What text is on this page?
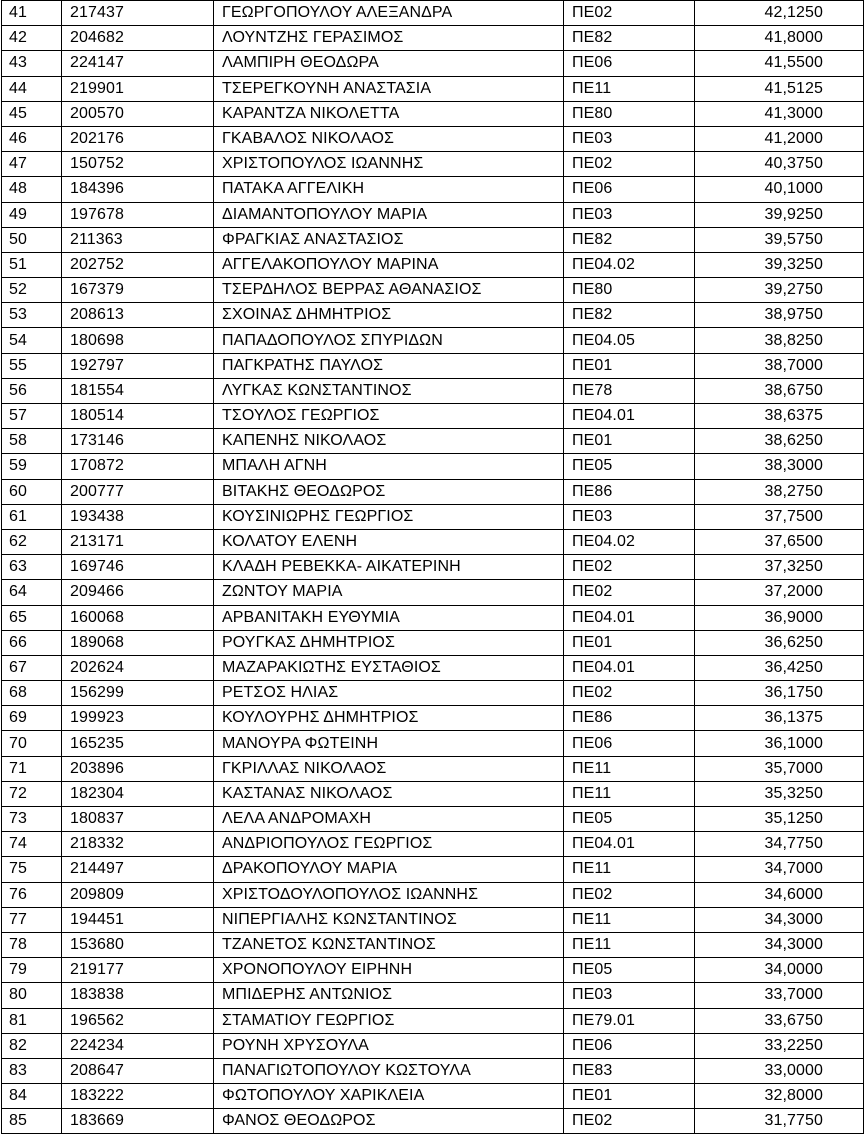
41	217437	ΓΕΩΡΓΟΠΟΥΛΟΥ ΑΛΕΞΑΝΔΡΑ	ΠΕ02	42,1250
42	204682	ΛΟΥΝΤΖΗΣ ΓΕΡΑΣΙΜΟΣ	ΠΕ82	41,8000
43	224147	ΛΑΜΠΙΡΗ ΘΕΟΔΩΡΑ	ΠΕ06	41,5500
44	219901	ΤΣΕΡΕΓΚΟΥΝΗ ΑΝΑΣΤΑΣΙΑ	ΠΕ11	41,5125
45	200570	ΚΑΡΑΝΤΖΑ ΝΙΚΟΛΕΤΤΑ	ΠΕ80	41,3000
46	202176	ΓΚΑΒΑΛΟΣ ΝΙΚΟΛΑΟΣ	ΠΕ03	41,2000
47	150752	ΧΡΙΣΤΟΠΟΥΛΟΣ ΙΩΑΝΝΗΣ	ΠΕ02	40,3750
48	184396	ΠΑΤΑΚΑ ΑΓΓΕΛΙΚΗ	ΠΕ06	40,1000
49	197678	ΔΙΑΜΑΝΤΟΠΟΥΛΟΥ ΜΑΡΙΑ	ΠΕ03	39,9250
50	211363	ΦΡΑΓΚΙΑΣ ΑΝΑΣΤΑΣΙΟΣ	ΠΕ82	39,5750
51	202752	ΑΓΓΕΛΑΚΟΠΟΥΛΟΥ ΜΑΡΙΝΑ	ΠΕ04.02	39,3250
52	167379	ΤΣΕΡΔΗΛΟΣ ΒΕΡΡΑΣ ΑΘΑΝΑΣΙΟΣ	ΠΕ80	39,2750
53	208613	ΣΧΟΙΝΑΣ ΔΗΜΗΤΡΙΟΣ	ΠΕ82	38,9750
54	180698	ΠΑΠΑΔΟΠΟΥΛΟΣ ΣΠΥΡΙΔΩΝ	ΠΕ04.05	38,8250
55	192797	ΠΑΓΚΡΑΤΗΣ ΠΑΥΛΟΣ	ΠΕ01	38,7000
56	181554	ΛΥΓΚΑΣ ΚΩΝΣΤΑΝΤΙΝΟΣ	ΠΕ78	38,6750
57	180514	ΤΣΟΥΛΟΣ ΓΕΩΡΓΙΟΣ	ΠΕ04.01	38,6375
58	173146	ΚΑΠΕΝΗΣ ΝΙΚΟΛΑΟΣ	ΠΕ01	38,6250
59	170872	ΜΠΑΛΗ ΑΓΝΗ	ΠΕ05	38,3000
60	200777	ΒΙΤΑΚΗΣ ΘΕΟΔΩΡΟΣ	ΠΕ86	38,2750
61	193438	ΚΟΥΣΙΝΙΩΡΗΣ ΓΕΩΡΓΙΟΣ	ΠΕ03	37,7500
62	213171	ΚΟΛΑΤΟΥ ΕΛΕΝΗ	ΠΕ04.02	37,6500
63	169746	ΚΛΑΔΗ ΡΕΒΕΚΚΑ- ΑΙΚΑΤΕΡΙΝΗ	ΠΕ02	37,3250
64	209466	ΖΩΝΤΟΥ ΜΑΡΙΑ	ΠΕ02	37,2000
65	160068	ΑΡΒΑΝΙΤΑΚΗ ΕΥΘΥΜΙΑ	ΠΕ04.01	36,9000
66	189068	ΡΟΥΓΚΑΣ ΔΗΜΗΤΡΙΟΣ	ΠΕ01	36,6250
67	202624	ΜΑΖΑΡΑΚΙΩΤΗΣ ΕΥΣΤΑΘΙΟΣ	ΠΕ04.01	36,4250
68	156299	ΡΕΤΣΟΣ ΗΛΙΑΣ	ΠΕ02	36,1750
69	199923	ΚΟΥΛΟΥΡΗΣ ΔΗΜΗΤΡΙΟΣ	ΠΕ86	36,1375
70	165235	ΜΑΝΟΥΡΑ ΦΩΤΕΙΝΗ	ΠΕ06	36,1000
71	203896	ΓΚΡΙΛΛΑΣ ΝΙΚΟΛΑΟΣ	ΠΕ11	35,7000
72	182304	ΚΑΣΤΑΝΑΣ ΝΙΚΟΛΑΟΣ	ΠΕ11	35,3250
73	180837	ΛΕΛΑ ΑΝΔΡΟΜΑΧΗ	ΠΕ05	35,1250
74	218332	ΑΝΔΡΙΟΠΟΥΛΟΣ ΓΕΩΡΓΙΟΣ	ΠΕ04.01	34,7750
75	214497	ΔΡΑΚΟΠΟΥΛΟΥ ΜΑΡΙΑ	ΠΕ11	34,7000
76	209809	ΧΡΙΣΤΟΔΟΥΛΟΠΟΥΛΟΣ ΙΩΑΝΝΗΣ	ΠΕ02	34,6000
77	194451	ΝΙΠΕΡΓΙΑΛΗΣ ΚΩΝΣΤΑΝΤΙΝΟΣ	ΠΕ11	34,3000
78	153680	ΤΖΑΝΕΤΟΣ ΚΩΝΣΤΑΝΤΙΝΟΣ	ΠΕ11	34,3000
79	219177	ΧΡΟΝΟΠΟΥΛΟΥ ΕΙΡΗΝΗ	ΠΕ05	34,0000
80	183838	ΜΠΙΔΕΡΗΣ ΑΝΤΩΝΙΟΣ	ΠΕ03	33,7000
81	196562	ΣΤΑΜΑΤΙΟΥ ΓΕΩΡΓΙΟΣ	ΠΕ79.01	33,6750
82	224234	ΡΟΥΝΗ ΧΡΥΣΟΥΛΑ	ΠΕ06	33,2250
83	208647	ΠΑΝΑΓΙΩΤΟΠΟΥΛΟΥ ΚΩΣΤΟΥΛΑ	ΠΕ83	33,0000
84	183222	ΦΩΤΟΠΟΥΛΟΥ ΧΑΡΙΚΛΕΙΑ	ΠΕ01	32,8000
85	183669	ΦΑΝΟΣ ΘΕΟΔΩΡΟΣ	ΠΕ02	31,7750
